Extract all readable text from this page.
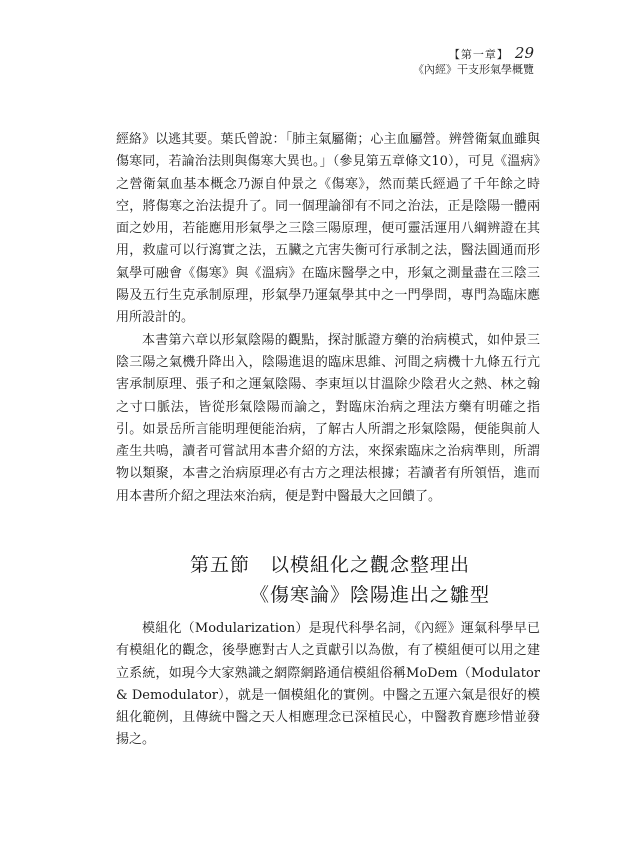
【第一章】 29
《內經》干支形氣學概覽

經絡》以逃其要。葉氏曾說：「肺主氣屬衛；心主血屬營。辨營衛氣血雖與傷寒同，若論治法則與傷寒大異也。」（參見第五章條文10），可見《溫病》之營衛氣血基本概念乃源自仲景之《傷寒》，然而葉氏經過了千年餘之時空，將傷寒之治法提升了。同一個理論卻有不同之治法，正是陰陽一體兩面之妙用，若能應用形氣學之三陰三陽原理，便可靈活運用八綱辨證在其用，救虛可以行瀉實之法，五臟之亢害失衡可行承制之法，醫法圓通而形氣學可融會《傷寒》與《溫病》在臨床醫學之中，形氣之測量盡在三陰三陽及五行生克承制原理，形氣學乃運氣學其中之一門學問，專門為臨床應用所設計的。

本書第六章以形氣陰陽的觀點，探討脈證方藥的治病模式，如仲景三陰三陽之氣機升降出入，陰陽進退的臨床思維、河間之病機十九條五行亢害承制原理、張子和之運氣陰陽、李東垣以甘溫除少陰君火之熱、林之翰之寸口脈法，皆從形氣陰陽而論之，對臨床治病之理法方藥有明確之指引。如景岳所言能明理便能治病，了解古人所謂之形氣陰陽，便能與前人產生共鳴，讀者可嘗試用本書介紹的方法，來探索臨床之治病準則，所謂物以類聚，本書之治病原理必有古方之理法根據；若讀者有所領悟，進而用本書所介紹之理法來治病，便是對中醫最大之回饋了。

第五節 以模組化之觀念整理出
《傷寒論》陰陽進出之雛型

模組化（Modularization）是現代科學名詞，《內經》運氣科學早已有模組化的觀念，後學應對古人之貢獻引以為傲，有了模組便可以用之建立系統，如現今大家熟識之網際網路通信模組俗稱MoDem（Modulator & Demodulator），就是一個模組化的實例。中醫之五運六氣是很好的模組化範例，且傳統中醫之天人相應理念已深植民心，中醫教育應珍惜並發揚之。
